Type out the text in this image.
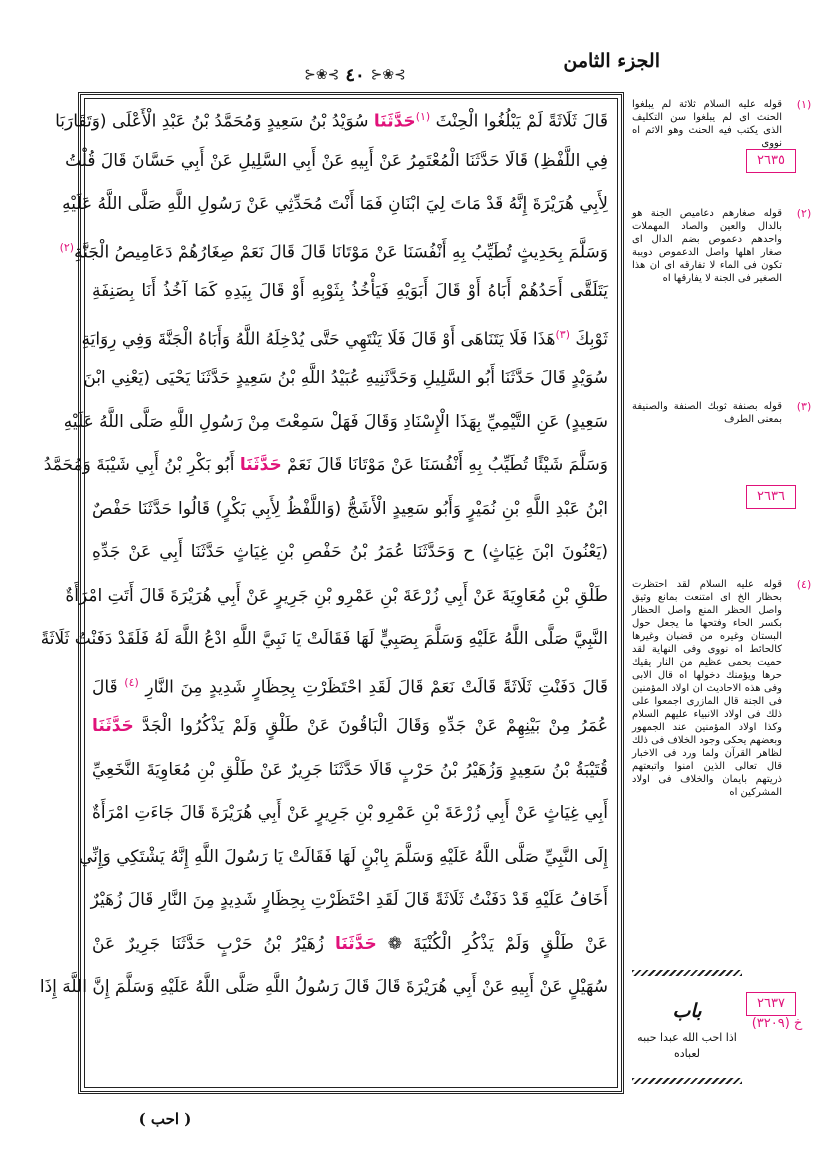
الجزء الثامن
⊱❀⊰ ٤٠ ⊱❀⊰
قَالَ ثَلَاثَةً لَمْ يَبْلُغُوا الْحِنْثَ $^{(١)}$حَدَّثَنَا سُوَيْدُ بْنُ سَعِيدٍ وَمُحَمَّدُ بْنُ عَبْدِ الْأَعْلَى (وَتَقَارَبَا
فِي اللَّفْظِ) قَالَا حَدَّثَنَا الْمُعْتَمِرُ عَنْ أَبِيهِ عَنْ أَبِي السَّلِيلِ عَنْ أَبِي حَسَّانَ قَالَ قُلْتُ
لِأَبِي هُرَيْرَةَ إِنَّهُ قَدْ مَاتَ لِيَ ابْنَانِ فَمَا أَنْتَ مُحَدِّثِي عَنْ رَسُولِ اللَّهِ صَلَّى اللَّهُ عَلَيْهِ
وَسَلَّمَ بِحَدِيثٍ تُطَيِّبُ بِهِ أَنْفُسَنَا عَنْ مَوْتَانَا قَالَ قَالَ نَعَمْ صِغَارُهُمْ دَعَامِيصُ الْجَنَّةِ$^{(٢)}$
يَتَلَقَّى أَحَدُهُمْ أَبَاهُ أَوْ قَالَ أَبَوَيْهِ فَيَأْخُذُ بِثَوْبِهِ أَوْ قَالَ بِيَدِهِ كَمَا آخُذُ أَنَا بِصَنِفَةِ
ثَوْبِكَ $^{(٣)}$هَذَا فَلَا يَتَنَاهَى أَوْ قَالَ فَلَا يَنْتَهِي حَتَّى يُدْخِلَهُ اللَّهُ وَأَبَاهُ الْجَنَّةَ وَفِي رِوَايَةِ
سُوَيْدٍ قَالَ حَدَّثَنَا أَبُو السَّلِيلِ وَحَدَّثَنِيهِ عُبَيْدُ اللَّهِ بْنُ سَعِيدٍ حَدَّثَنَا يَحْيَى (يَعْنِي ابْنَ
سَعِيدٍ) عَنِ التَّيْمِيِّ بِهَذَا الْإِسْنَادِ وَقَالَ فَهَلْ سَمِعْتَ مِنْ رَسُولِ اللَّهِ صَلَّى اللَّهُ عَلَيْهِ
وَسَلَّمَ شَيْئًا تُطَيِّبُ بِهِ أَنْفُسَنَا عَنْ مَوْتَانَا قَالَ نَعَمْ حَدَّثَنَا أَبُو بَكْرِ بْنُ أَبِي شَيْبَةَ وَمُحَمَّدُ
ابْنُ عَبْدِ اللَّهِ بْنِ نُمَيْرٍ وَأَبُو سَعِيدٍ الْأَشَجُّ (وَاللَّفْظُ لِأَبِي بَكْرٍ) قَالُوا حَدَّثَنَا حَفْصٌ
(يَعْنُونَ ابْنَ غِيَاثٍ) ح وَحَدَّثَنَا عُمَرُ بْنُ حَفْصِ بْنِ غِيَاثٍ حَدَّثَنَا أَبِي عَنْ جَدِّهِ
طَلْقِ بْنِ مُعَاوِيَةَ عَنْ أَبِي زُرْعَةَ بْنِ عَمْرِو بْنِ جَرِيرٍ عَنْ أَبِي هُرَيْرَةَ قَالَ أَتَتِ امْرَأَةٌ
النَّبِيَّ صَلَّى اللَّهُ عَلَيْهِ وَسَلَّمَ بِصَبِيٍّ لَهَا فَقَالَتْ يَا نَبِيَّ اللَّهِ ادْعُ اللَّهَ لَهُ فَلَقَدْ دَفَنْتُ ثَلَاثَةً
قَالَ دَفَنْتِ ثَلَاثَةً قَالَتْ نَعَمْ قَالَ لَقَدِ احْتَظَرْتِ بِحِظَارٍ شَدِيدٍ مِنَ النَّارِ $^{(٤)}$ قَالَ
عُمَرُ مِنْ بَيْنِهِمْ عَنْ جَدِّهِ وَقَالَ الْبَاقُونَ عَنْ طَلْقٍ وَلَمْ يَذْكُرُوا الْجَدَّ حَدَّثَنَا
قُتَيْبَةُ بْنُ سَعِيدٍ وَزُهَيْرُ بْنُ حَرْبٍ قَالَا حَدَّثَنَا جَرِيرٌ عَنْ طَلْقِ بْنِ مُعَاوِيَةَ النَّخَعِيِّ
أَبِي غِيَاثٍ عَنْ أَبِي زُرْعَةَ بْنِ عَمْرِو بْنِ جَرِيرٍ عَنْ أَبِي هُرَيْرَةَ قَالَ جَاءَتِ امْرَأَةٌ
إِلَى النَّبِيِّ صَلَّى اللَّهُ عَلَيْهِ وَسَلَّمَ بِابْنٍ لَهَا فَقَالَتْ يَا رَسُولَ اللَّهِ إِنَّهُ يَشْتَكِي وَإِنِّي
أَخَافُ عَلَيْهِ قَدْ دَفَنْتُ ثَلَاثَةً قَالَ لَقَدِ احْتَظَرْتِ بِحِظَارٍ شَدِيدٍ مِنَ النَّارِ قَالَ زُهَيْرٌ
عَنْ طَلْقٍ وَلَمْ يَذْكُرِ الْكُنْيَةَ ❁ حَدَّثَنَا زُهَيْرُ بْنُ حَرْبٍ حَدَّثَنَا جَرِيرٌ عَنْ
سُهَيْلٍ عَنْ أَبِيهِ عَنْ أَبِي هُرَيْرَةَ قَالَ قَالَ رَسُولُ اللَّهِ صَلَّى اللَّهُ عَلَيْهِ وَسَلَّمَ إِنَّ اللَّهَ إِذَا
٢٦٣٥
٢٦٣٦
٢٦٣٧
خ (٣٢٠٩)
(١)
قوله عليه السلام ثلاثة لم يبلغوا الحنث اى لم يبلغوا سن التكليف الذى يكتب فيه الحنث وهو الاثم اه نووى
(٢)
قوله صغارهم دعاميص الجنة هو بالدال والعين والصاد المهملات واحدهم دعموص بضم الدال اى صغار اهلها واصل الدعموص دويبة تكون فى الماء لا تفارقه اى ان هذا الصغير فى الجنة لا يفارقها اه
(٣)
قوله بصنفة ثوبك الصنفة والصنيفة بمعنى الطرف
(٤)
قوله عليه السلام لقد احتظرت بحظار الخ اى امتنعت بمانع وثيق واصل الحظر المنع واصل الحظار بكسر الحاء وفتحها ما يجعل حول البستان وغيره من قضبان وغيرها كالحائط اه نووى وفى النهاية لقد حميت بحمى عظيم من النار يقيك حرها ويؤمنك دخولها اه قال الابى وفى هذه الاحاديث ان اولاد المؤمنين فى الجنة قال المازرى اجمعوا على ذلك فى اولاد الانبياء عليهم السلام وكذا اولاد المؤمنين عند الجمهور وبعضهم يحكى وجود الخلاف فى ذلك لظاهر القرآن ولما ورد فى الاخبار قال تعالى الذين امنوا واتبعتهم ذريتهم بايمان والخلاف فى اولاد المشركين اه
باب
اذا احب الله عبدا حببه لعباده
( احب )
